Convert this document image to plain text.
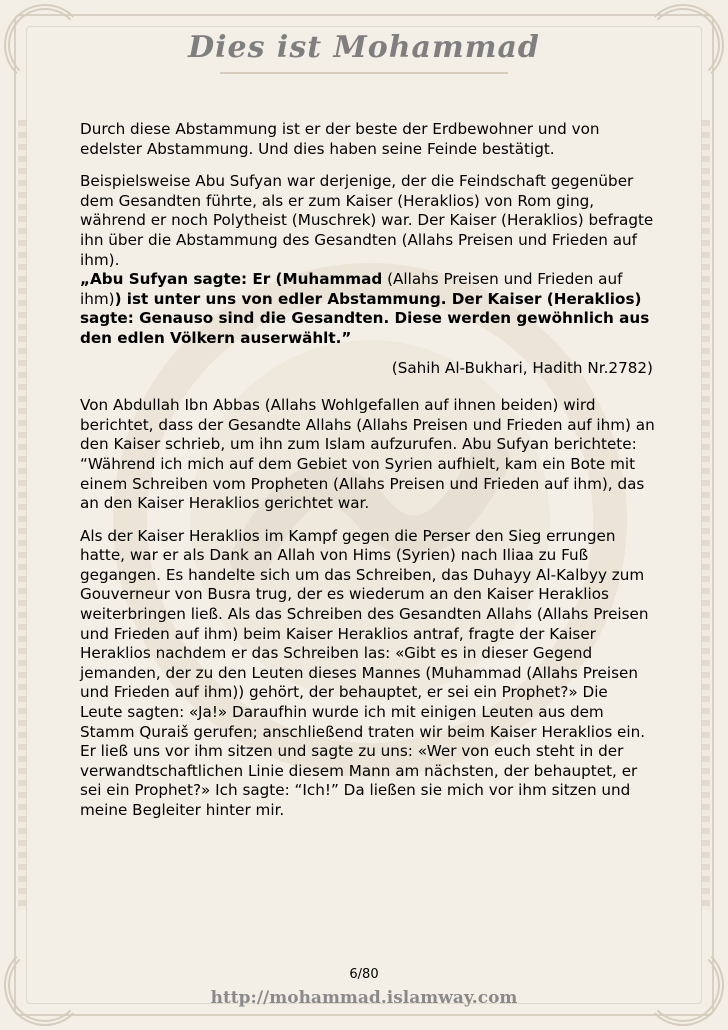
Dies ist Mohammad

Durch diese Abstammung ist er der beste der Erdbewohner und von edelster Abstammung. Und dies haben seine Feinde bestätigt.

Beispielsweise Abu Sufyan war derjenige, der die Feindschaft gegenüber dem Gesandten führte, als er zum Kaiser (Heraklios) von Rom ging, während er noch Polytheist (Muschrek) war. Der Kaiser (Heraklios) befragte ihn über die Abstammung des Gesandten (Allahs Preisen und Frieden auf ihm).
„Abu Sufyan sagte: Er (Muhammad (Allahs Preisen und Frieden auf ihm)) ist unter uns von edler Abstammung. Der Kaiser (Heraklios) sagte: Genauso sind die Gesandten. Diese werden gewöhnlich aus den edlen Völkern auserwählt.”

(Sahih Al-Bukhari, Hadith Nr.2782)

Von Abdullah Ibn Abbas (Allahs Wohlgefallen auf ihnen beiden) wird berichtet, dass der Gesandte Allahs (Allahs Preisen und Frieden auf ihm) an den Kaiser schrieb, um ihn zum Islam aufzurufen. Abu Sufyan berichtete: “Während ich mich auf dem Gebiet von Syrien aufhielt, kam ein Bote mit einem Schreiben vom Propheten (Allahs Preisen und Frieden auf ihm), das an den Kaiser Heraklios gerichtet war.

Als der Kaiser Heraklios im Kampf gegen die Perser den Sieg errungen hatte, war er als Dank an Allah von Hims (Syrien) nach Iliaa zu Fuß gegangen. Es handelte sich um das Schreiben, das Duhayy Al-Kalbyy zum Gouverneur von Busra trug, der es wiederum an den Kaiser Heraklios weiterbringen ließ. Als das Schreiben des Gesandten Allahs (Allahs Preisen und Frieden auf ihm) beim Kaiser Heraklios antraf, fragte der Kaiser Heraklios nachdem er das Schreiben las: «Gibt es in dieser Gegend jemanden, der zu den Leuten dieses Mannes (Muhammad (Allahs Preisen und Frieden auf ihm)) gehört, der behauptet, er sei ein Prophet?» Die Leute sagten: «Ja!» Daraufhin wurde ich mit einigen Leuten aus dem Stamm Quraiš gerufen; anschließend traten wir beim Kaiser Heraklios ein. Er ließ uns vor ihm sitzen und sagte zu uns: «Wer von euch steht in der verwandtschaftlichen Linie diesem Mann am nächsten, der behauptet, er sei ein Prophet?» Ich sagte: “Ich!” Da ließen sie mich vor ihm sitzen und meine Begleiter hinter mir.

6/80
http://mohammad.islamway.com
